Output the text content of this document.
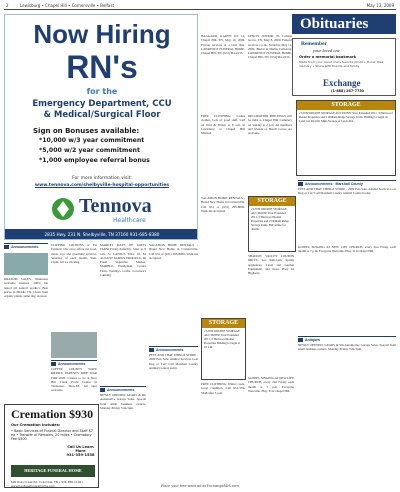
2	Lewisburg • Chapel Hill • Cornersville • Belfast	May 13, 2009
Now Hiring
RN's
for the
Emergency Department, CCU
& Medical/Surgical Floor
Sign on Bonuses available:
*10,000 w/3 year commitment
*5,000 w/2 year commitment
*1,000 employee referral bonus
For more information visit:
www.tennova.com/shelbyville-hospital-opportunities
Tennova
Healthcare
2835 Hwy. 231 N. Shelbyville, TN 37160 931-685-8380
Obituaries
HAGGARD, KARYN JO: 14, Chapel Hill, TN, May 10, 2009. Private services at a later date. LAWRENCE FUNERAL HOME, Chapel Hill, TN. (931)364-2233.
LYNCH, JUNIOR: 76, College Grove, TN, May 8, 2009. Funeral services 1 p.m., Saturday, May 11, 2009. Burial in Harlin Cemetery. LAWRENCE FUNERAL HOME, Chapel Hill, TN. (931)364-2233.
Remember
your loved one
Order a memorial bookmark
Made from your loved one's favorite photo • Honor their memory • Share with friends and family
Exchange
(1-888) 267-7750
FREE CLOTHING: Ladies clothes, Lots of good stuff. Call on Wed & Friday at 8 a.m. in Lewisburg at Chapel Hill Mission.
DECORATION MEETINGS will be held at Chapel Hill Cemetery on Sunday at 2 p.m. All members and friends of Beech Grove are welcome.
STORAGE
2 UNIT ONLINE STORAGE AUCTIONS! Your Extended 2011, 3 Hartwood Rental Properties and 2 Oldham Ridge Storage Units. Bidding to begin on Land Jon Rd #16. Mini-Storage of Lewis Rd.
STORAGE
2 UNIT ONLINE STORAGE AUCTIONS! Your Extended 2011, 3 Hartwood Rental Properties and 2 Oldham Ridge Storage Units. Bid online for details.
STORAGE
2 UNIT ONLINE STORAGE AUCTIONS! Your Extended 2011, 3 Hartwood Rental Properties Bidding to begin at 10 a.m.
Announcements · Marshall County
PETS AND THAT THINGS STORE - 2009 Pets Sale. Animal Services Lost Dog or Cat? Call Marshall County Animal Control today.
GOSPEL SINGING AT NEW LIFE CHURCH, every 2nd Friday each month at 7 p.m. Everyone Welcome. Hwy 31A Chapel Hill.
Antiques
NEWLY OPENED: GEARS & 9th Automotive Garage Sales. Special from small business owners. Monday-Friday 7am-5pm.
VACATION HOME RENTALS - Brand New Home in Cornersville. Call 931 or (931) 295-8000. Walk-ins Accepted.
SHADOW VALLEY COUPON DRIVE. Sat. 9am-1pm. Spring appliances, Lawn and Garden Equipment, and more. Hwy 64 Highway.
FREE CLOTHING: Winter coats, Good condition. Call 931-359-3348 after 5 p.m.
GOSPEL SINGING AT NEW LIFE CHURCH, every 2nd Friday each month at 7 p.m. Everyone Welcome. Hwy 31A Chapel Hill.
Announcements
KRATOM SALES, Tennessee welcome licenses. 100% lab tested all natural product. Best prices in Middle TN. Clean from organic plants, same day, in-store.
CLIPPING COUPONS at Pet Fenders! Our store offers pet food, treats, toys and grooming services. Saturday of each month, 9am-12pm. All we clicking.
Announcements
COFFEE COUNTY WAVE RIDERS: PARENTS' RIDE WAR FOR 2020. Classes to be at New Hill Creek Event Centre in Tennessee. Mon-Fri. All ages welcome.
MARKET DAYS OF GOD'S FARM Friday-Saturday. Start at 8 a.m. 31 LANSUS Tribe 18, 84 AUGUST FAMILY PRODUCE, 60 Fresh Vegetable Market, MARBLE, Handyman, Cook's Farm, Tommy's Crafts, Lovelace's Canning.
Announcements
NEWLY OPENED: GEARS & 9th Automotive Garage Sales. Special from small business owners. Monday-Friday 7am-5pm.
VACATION HOME RENTALS - Brand New Home in Cornersville. Call 931 or (931) 295-8000. Walk-ins Accepted.
Announcements
PETS AND THAT THINGS STORE - 2009 Pets Sale. Animal Services Lost Dog or Cat? Call Marshall County Animal Control today.
Cremation $930
Our Cremation Includes:
• Basic Services of Funeral Director and Staff $7 ea • Transfer of Remains, 20 miles • Crematory Fee $300
Call Us Learn More
931-359-1558
HERITAGE FUNERAL HOME
600 Ross Creek Rd. Columbia, TN • 931-388-1116 • www.heritagefuneralhome.com	Place your free want ad at ExchangeADS.com
